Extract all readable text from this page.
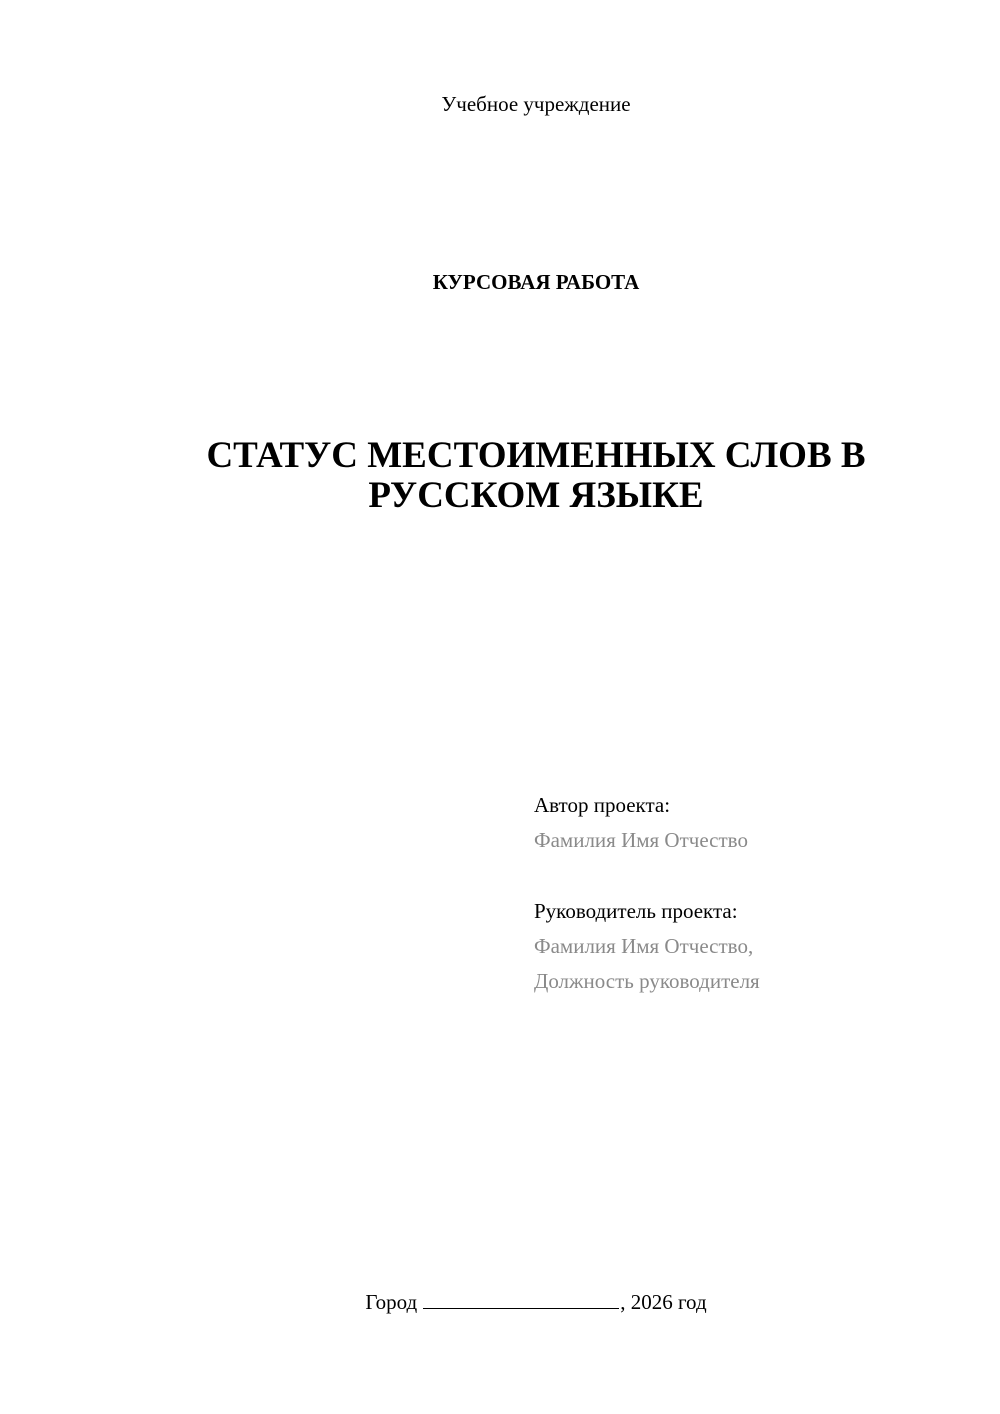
Учебное учреждение
КУРСОВАЯ РАБОТА
СТАТУС МЕСТОИМЕННЫХ СЛОВ В
РУССКОМ ЯЗЫКЕ
Автор проекта:
Фамилия Имя Отчество
Руководитель проекта:
Фамилия Имя Отчество,
Должность руководителя
Город	, 2026 год
